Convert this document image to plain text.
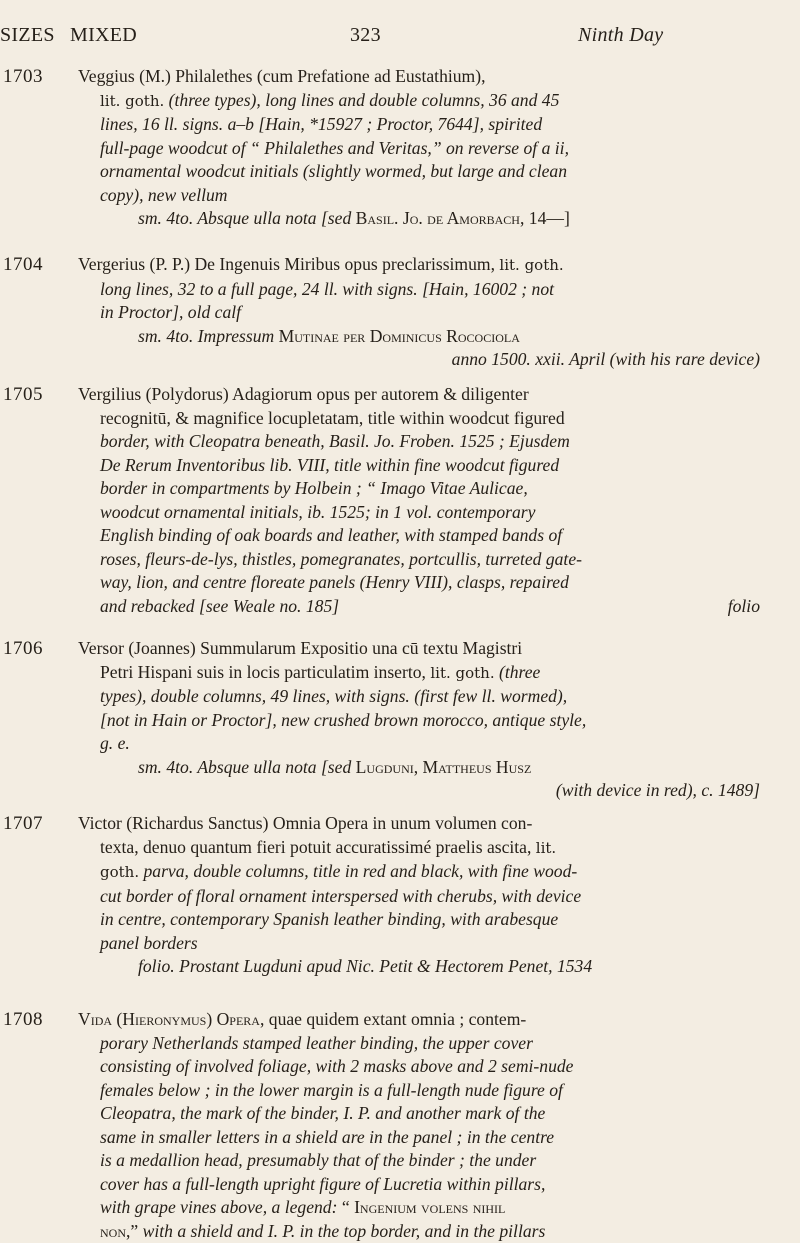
SIZES MIXED	323	Ninth Day
1703 Veggius (M.) Philalethes (cum Prefatione ad Eustathium),
lit. goth. (three types), long lines and double columns, 36 and 45
lines, 16 ll. signs. a–b [Hain, *15927 ; Proctor, 7644], spirited
full-page woodcut of “ Philalethes and Veritas,” on reverse of a ii,
ornamental woodcut initials (slightly wormed, but large and clean
copy), new vellum
sm. 4to. Absque ulla nota [sed Basil. Jo. de Amorbach, 14—]
1704 Vergerius (P. P.) De Ingenuis Miribus opus preclarissimum, lit. goth.
long lines, 32 to a full page, 24 ll. with signs. [Hain, 16002 ; not
in Proctor], old calf
sm. 4to. Impressum Mutinae per Dominicus Rocociola
anno 1500. xxii. April (with his rare device)
1705 Vergilius (Polydorus) Adagiorum opus per autorem & diligenter
recognitū, & magnifice locupletatam, title within woodcut figured
border, with Cleopatra beneath, Basil. Jo. Froben. 1525 ; Ejusdem
De Rerum Inventoribus lib. VIII, title within fine woodcut figured
border in compartments by Holbein ; “ Imago Vitae Aulicae,
woodcut ornamental initials, ib. 1525; in 1 vol. contemporary
English binding of oak boards and leather, with stamped bands of
roses, fleurs-de-lys, thistles, pomegranates, portcullis, turreted gate-
way, lion, and centre floreate panels (Henry VIII), clasps, repaired
and rebacked [see Weale no. 185]	folio
1706 Versor (Joannes) Summularum Expositio una cū textu Magistri
Petri Hispani suis in locis particulatim inserto, lit. goth. (three
types), double columns, 49 lines, with signs. (first few ll. wormed),
[not in Hain or Proctor], new crushed brown morocco, antique style,
g. e.
sm. 4to. Absque ulla nota [sed Lugduni, Mattheus Husz
(with device in red), c. 1489]
1707 Victor (Richardus Sanctus) Omnia Opera in unum volumen con-
texta, denuo quantum fieri potuit accuratissimé praelis ascita, lit.
goth. parva, double columns, title in red and black, with fine wood-
cut border of floral ornament interspersed with cherubs, with device
in centre, contemporary Spanish leather binding, with arabesque
panel borders
folio. Prostant Lugduni apud Nic. Petit & Hectorem Penet, 1534
1708 Vida (Hieronymus) Opera, quae quidem extant omnia ; contem-
porary Netherlands stamped leather binding, the upper cover
consisting of involved foliage, with 2 masks above and 2 semi-nude
females below ; in the lower margin is a full-length nude figure of
Cleopatra, the mark of the binder, I. P. and another mark of the
same in smaller letters in a shield are in the panel ; in the centre
is a medallion head, presumably that of the binder ; the under
cover has a full-length upright figure of Lucretia within pillars,
with grape vines above, a legend: “ Ingenium volens nihil
non,” with a shield and I. P. in the top border, and in the pillars
